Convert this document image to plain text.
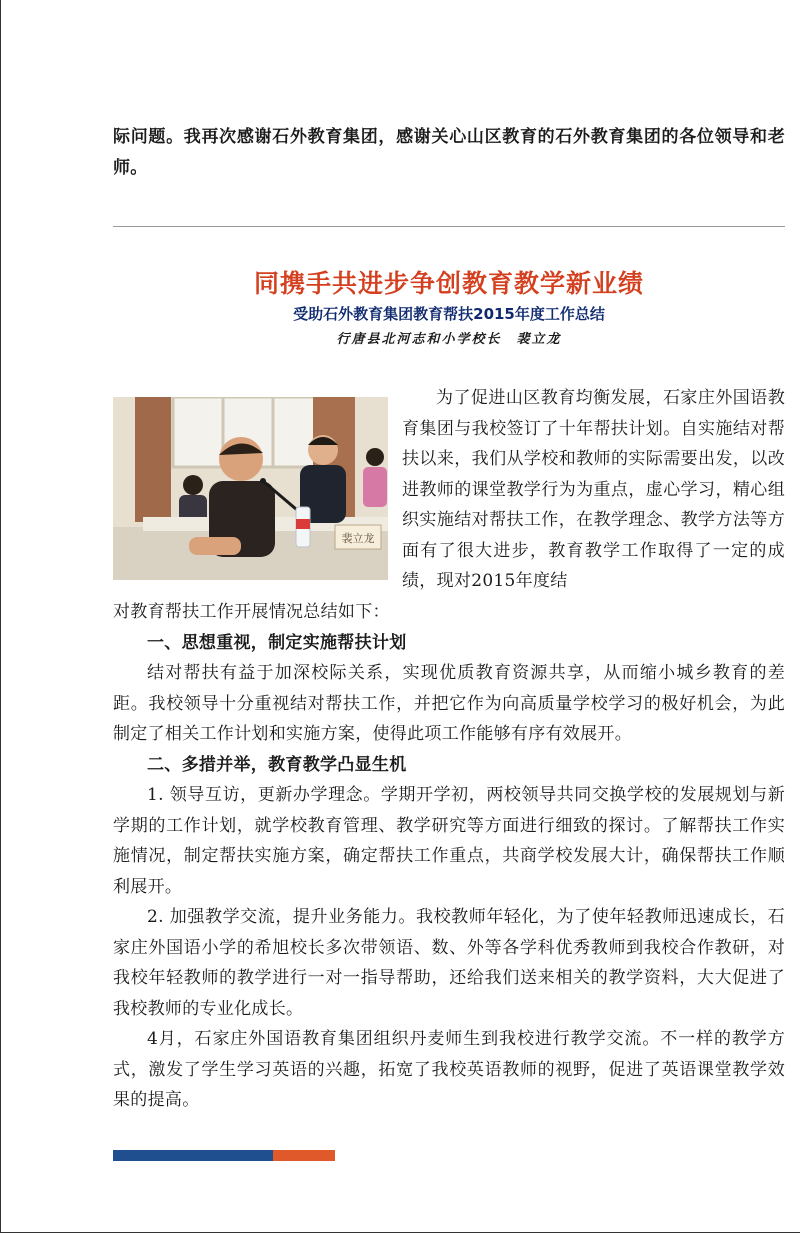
际问题。我再次感谢石外教育集团，感谢关心山区教育的石外教育集团的各位领导和老师。

同携手共进步争创教育教学新业绩
受助石外教育集团教育帮扶2015年度工作总结
行唐县北河志和小学校长　裴立龙
裴立龙

为了促进山区教育均衡发展，石家庄外国语教育集团与我校签订了十年帮扶计划。自实施结对帮扶以来，我们从学校和教师的实际需要出发，以改进教师的课堂教学行为为重点，虚心学习，精心组织实施结对帮扶工作，在教学理念、教学方法等方面有了很大进步，教育教学工作取得了一定的成绩，现对2015年度结

对教育帮扶工作开展情况总结如下：

一、思想重视，制定实施帮扶计划

结对帮扶有益于加深校际关系，实现优质教育资源共享，从而缩小城乡教育的差距。我校领导十分重视结对帮扶工作，并把它作为向高质量学校学习的极好机会，为此制定了相关工作计划和实施方案，使得此项工作能够有序有效展开。

二、多措并举，教育教学凸显生机

1. 领导互访，更新办学理念。学期开学初，两校领导共同交换学校的发展规划与新学期的工作计划，就学校教育管理、教学研究等方面进行细致的探讨。了解帮扶工作实施情况，制定帮扶实施方案，确定帮扶工作重点，共商学校发展大计，确保帮扶工作顺利展开。

2. 加强教学交流，提升业务能力。我校教师年轻化，为了使年轻教师迅速成长，石家庄外国语小学的希旭校长多次带领语、数、外等各学科优秀教师到我校合作教研，对我校年轻教师的教学进行一对一指导帮助，还给我们送来相关的教学资料，大大促进了我校教师的专业化成长。

4月，石家庄外国语教育集团组织丹麦师生到我校进行教学交流。不一样的教学方式，激发了学生学习英语的兴趣，拓宽了我校英语教师的视野，促进了英语课堂教学效果的提高。
